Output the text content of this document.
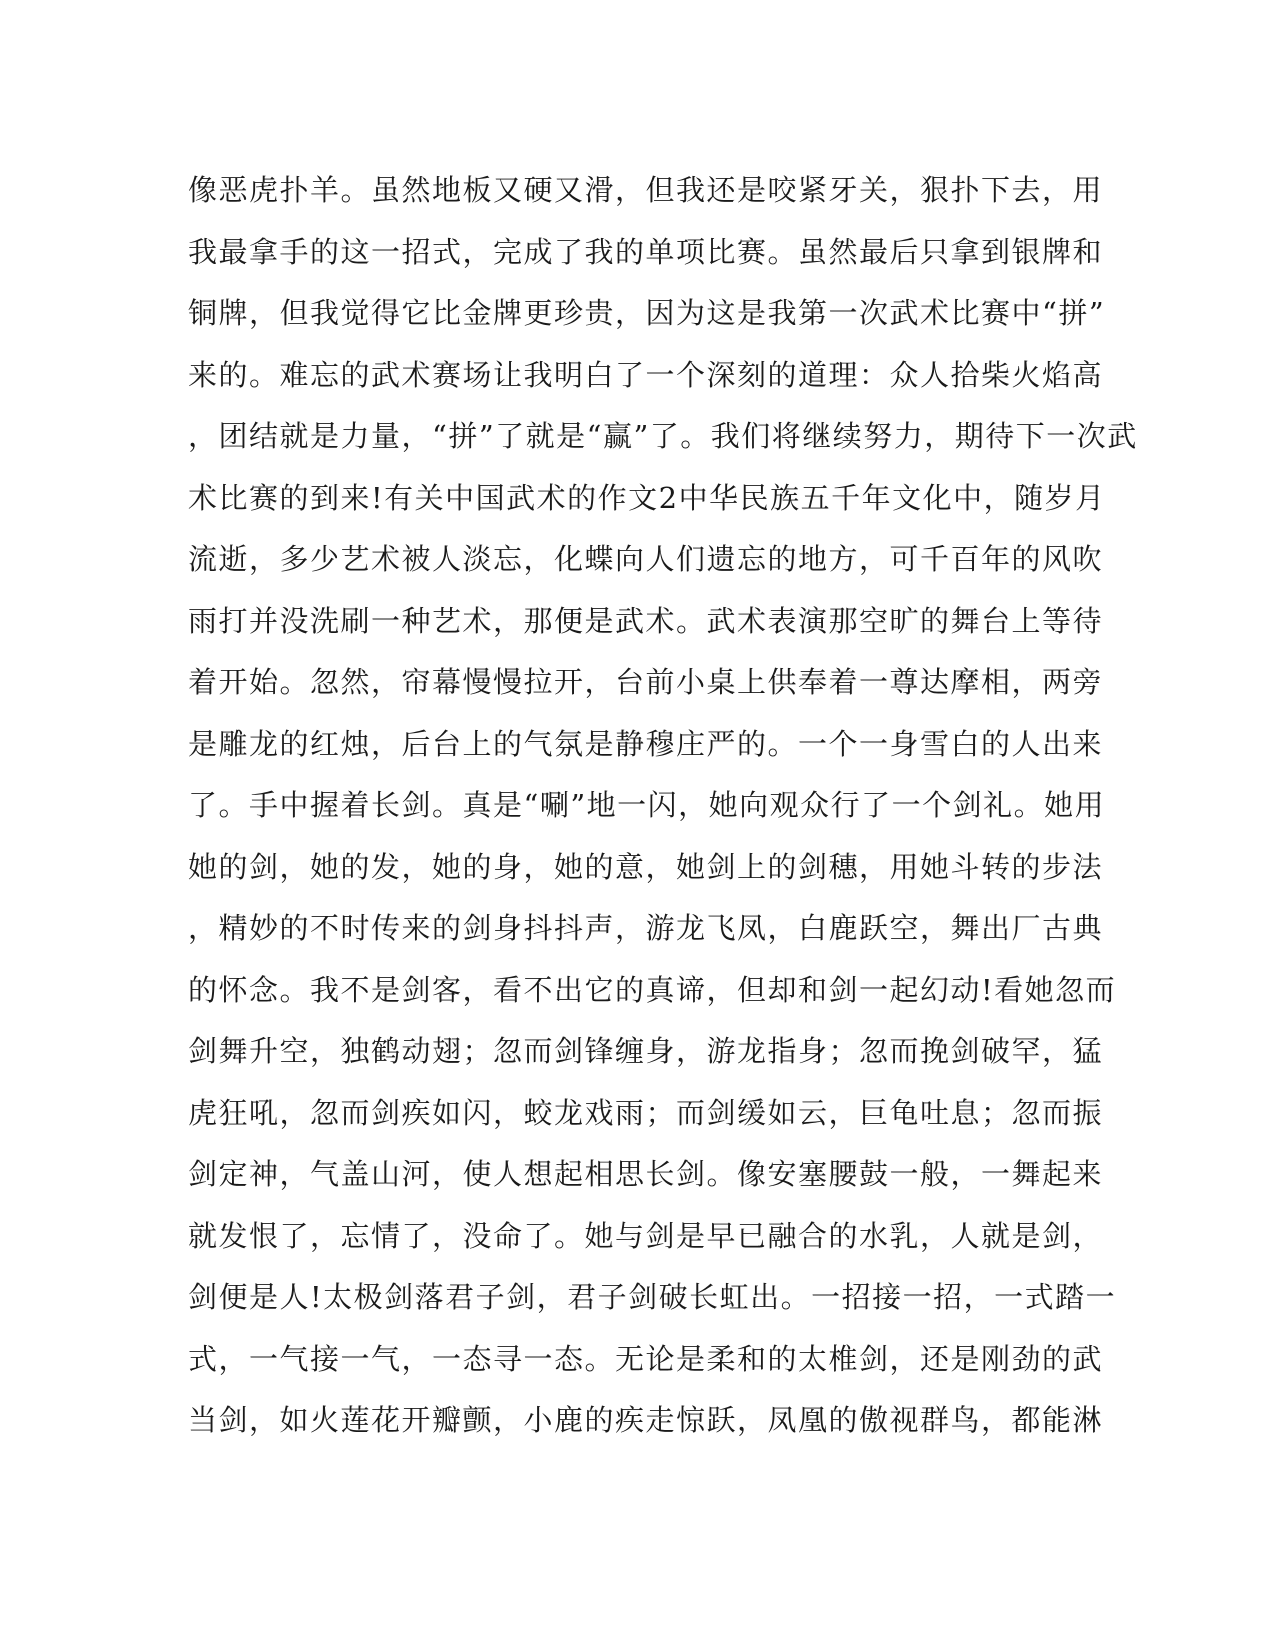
像恶虎扑羊。虽然地板又硬又滑，但我还是咬紧牙关，狠扑下去，用
我最拿手的这一招式，完成了我的单项比赛。虽然最后只拿到银牌和
铜牌，但我觉得它比金牌更珍贵，因为这是我第一次武术比赛中“拼”
来的。难忘的武术赛场让我明白了一个深刻的道理：众人拾柴火焰高
，团结就是力量，“拼”了就是“赢”了。我们将继续努力，期待下一次武
术比赛的到来!有关中国武术的作文2中华民族五千年文化中，随岁月
流逝，多少艺术被人淡忘，化蝶向人们遗忘的地方，可千百年的风吹
雨打并没洗刷一种艺术，那便是武术。武术表演那空旷的舞台上等待
着开始。忽然，帘幕慢慢拉开，台前小桌上供奉着一尊达摩相，两旁
是雕龙的红烛，后台上的气氛是静穆庄严的。一个一身雪白的人出来
了。手中握着长剑。真是“唰”地一闪，她向观众行了一个剑礼。她用
她的剑，她的发，她的身，她的意，她剑上的剑穗，用她斗转的步法
，精妙的不时传来的剑身抖抖声，游龙飞凤，白鹿跃空，舞出厂古典
的怀念。我不是剑客，看不出它的真谛，但却和剑一起幻动!看她忽而
剑舞升空，独鹤动翅；忽而剑锋缠身，游龙指身；忽而挽剑破罕，猛
虎狂吼，忽而剑疾如闪，蛟龙戏雨；而剑缓如云，巨龟吐息；忽而振
剑定神，气盖山河，使人想起相思长剑。像安塞腰鼓一般，一舞起来
就发恨了，忘情了，没命了。她与剑是早已融合的水乳，人就是剑，
剑便是人!太极剑落君子剑，君子剑破长虹出。一招接一招，一式踏一
式，一气接一气，一态寻一态。无论是柔和的太椎剑，还是刚劲的武
当剑，如火莲花开瓣颤，小鹿的疾走惊跃，凤凰的傲视群鸟，都能淋
